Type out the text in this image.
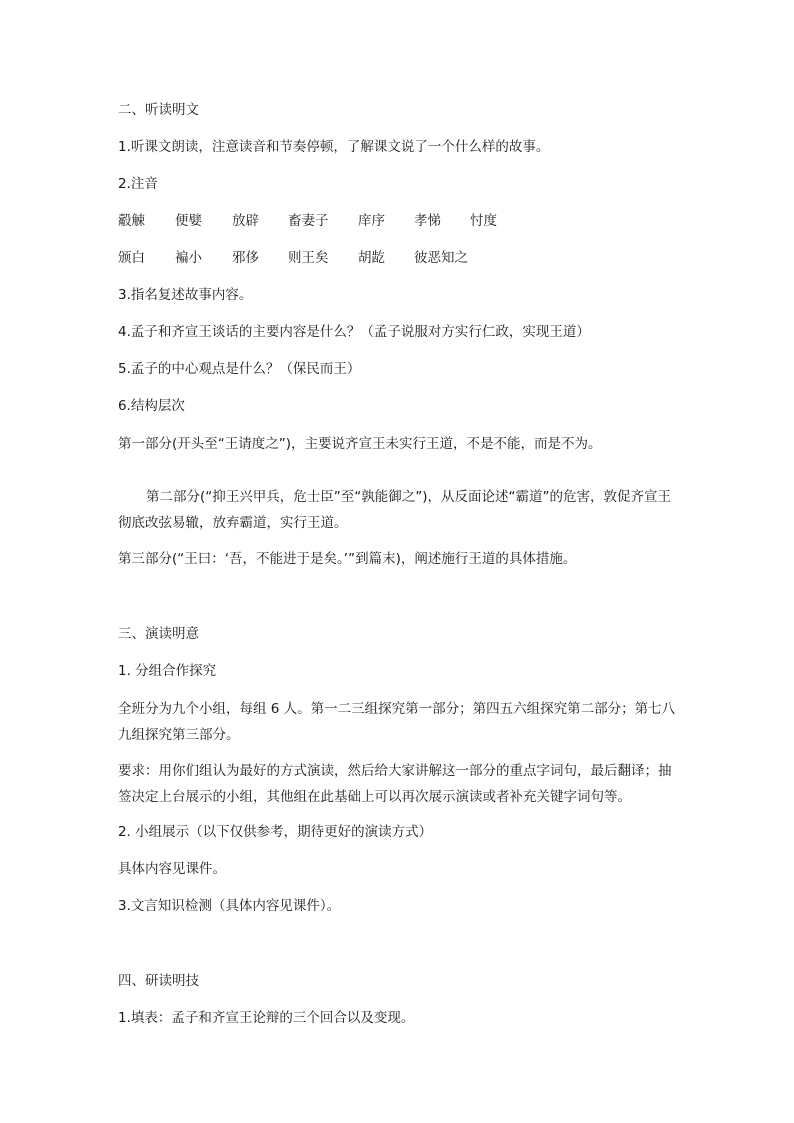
二、听读明文
1.听课文朗读，注意读音和节奏停顿，了解课文说了一个什么样的故事。
2.注音
觳觫 便嬖 放辟 畜妻子 庠序 孝悌 忖度
颁白 褊小 邪侈 则王矣 胡龁 彼恶知之
3.指名复述故事内容。
4.孟子和齐宣王谈话的主要内容是什么？（孟子说服对方实行仁政，实现王道）
5.孟子的中心观点是什么？（保民而王）
6.结构层次
第一部分(开头至“王请度之”)，主要说齐宣王未实行王道，不是不能，而是不为。
第二部分(“抑王兴甲兵，危士臣”至“孰能御之”)，从反面论述“霸道”的危害，敦促齐宣王彻底改弦易辙，放弃霸道，实行王道。
第三部分(“王曰：‘吾，不能进于是矣。’”到篇末)，阐述施行王道的具体措施。
三、演读明意
1. 分组合作探究
全班分为九个小组，每组 6 人。第一二三组探究第一部分；第四五六组探究第二部分；第七八九组探究第三部分。
要求：用你们组认为最好的方式演读，然后给大家讲解这一部分的重点字词句，最后翻译；抽签决定上台展示的小组，其他组在此基础上可以再次展示演读或者补充关键字词句等。
2. 小组展示（以下仅供参考，期待更好的演读方式）
具体内容见课件。
3.文言知识检测（具体内容见课件）。
四、研读明技
1.填表：孟子和齐宣王论辩的三个回合以及变现。
